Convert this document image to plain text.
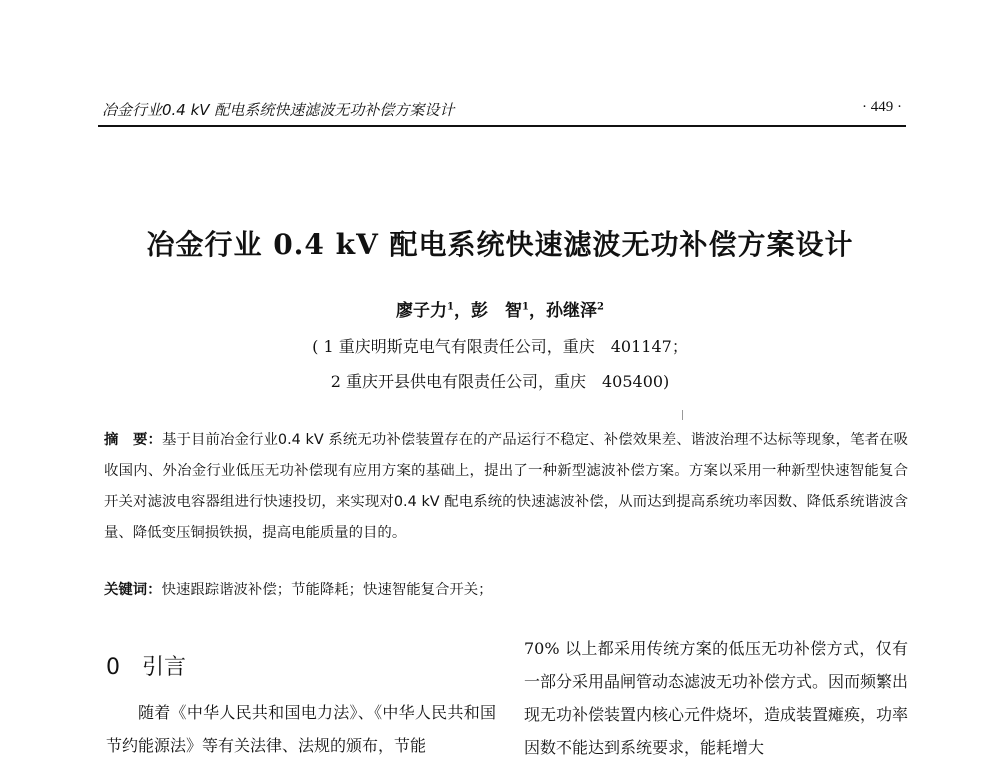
冶金行业0.4 kV 配电系统快速滤波无功补偿方案设计	· 449 ·
冶金行业 0.4 kV 配电系统快速滤波无功补偿方案设计
廖子力$^1$，彭　智$^1$，孙继泽$^2$
( 1 重庆明斯克电气有限责任公司，重庆　401147；
2 重庆开县供电有限责任公司，重庆　405400)
摘　要：基于目前冶金行业0.4 kV 系统无功补偿装置存在的产品运行不稳定、补偿效果差、谐波治理不达标等现象，笔者在吸收国内、外冶金行业低压无功补偿现有应用方案的基础上，提出了一种新型滤波补偿方案。方案以采用一种新型快速智能复合开关对滤波电容器组进行快速投切，来实现对0.4 kV 配电系统的快速滤波补偿，从而达到提高系统功率因数、降低系统谐波含量、降低变压铜损铁损，提高电能质量的目的。
关键词：快速跟踪谐波补偿；节能降耗；快速智能复合开关；
0 引言
随着《中华人民共和国电力法》、《中华人民共和国节约能源法》等有关法律、法规的颁布，节能
70% 以上都采用传统方案的低压无功补偿方式，仅有一部分采用晶闸管动态滤波无功补偿方式。因而频繁出现无功补偿装置内核心元件烧坏，造成装置瘫痪，功率因数不能达到系统要求，能耗增大
